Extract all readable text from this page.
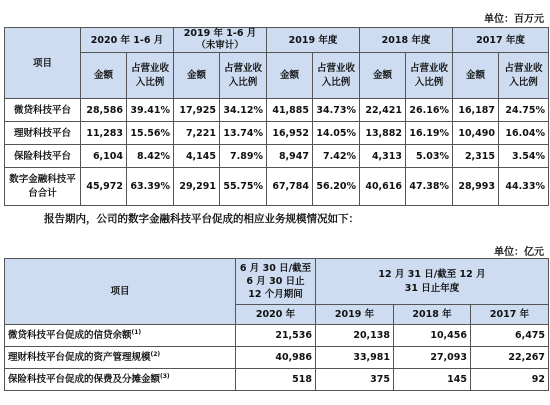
单位：百万元
项目	2020 年 1-6 月		2019 年 1-6 月（未审计）		2019 年度		2018 年度		2017 年度	
	金额	占营业收入比例	金额	占营业收入比例	金额	占营业收入比例	金额	占营业收入比例	金额	占营业收入比例
微贷科技平台	28,586	39.41%	17,925	34.12%	41,885	34.73%	22,421	26.16%	16,187	24.75%
理财科技平台	11,283	15.56%	7,221	13.74%	16,952	14.05%	13,882	16.19%	10,490	16.04%
保险科技平台	6,104	8.42%	4,145	7.89%	8,947	7.42%	4,313	5.03%	2,315	3.54%
数字金融科技平台合计	45,972	63.39%	29,291	55.75%	67,784	56.20%	40,616	47.38%	28,993	44.33%
报告期内，公司的数字金融科技平台促成的相应业务规模情况如下：
单位：亿元
项目	6 月 30 日/截至 6 月 30 日止 12 个月期间	12 月 31 日/截至 12 月 31 日止年度		
	2020 年	2019 年	2018 年	2017 年
微贷科技平台促成的信贷余额$^{(1)}$	21,536	20,138	10,456	6,475
理财科技平台促成的资产管理规模$^{(2)}$	40,986	33,981	27,093	22,267
保险科技平台促成的保费及分摊金额$^{(3)}$	518	375	145	92
